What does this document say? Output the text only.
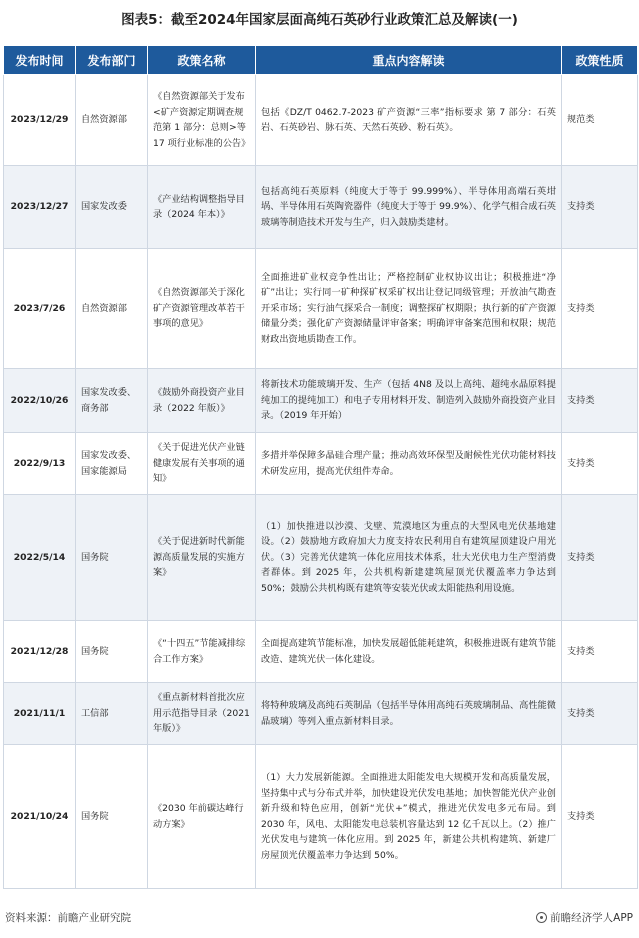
图表5：截至2024年国家层面高纯石英砂行业政策汇总及解读(一)
发布时间	发布部门	政策名称	重点内容解读	政策性质
2023/12/29	自然资源部	《自然资源部关于发布<矿产资源定期调查规范第 1 部分：总则>等 17 项行业标准的公告》	包括《DZ/T 0462.7-2023 矿产资源“三率”指标要求 第 7 部分：石英岩、石英砂岩、脉石英、天然石英砂、粉石英》。	规范类
2023/12/27	国家发改委	《产业结构调整指导目录（2024 年本）》	包括高纯石英原料（纯度大于等于 99.999%）、半导体用高端石英坩埚、半导体用石英陶瓷器件（纯度大于等于 99.9%）、化学气相合成石英玻璃等制造技术开发与生产，归入鼓励类建材。	支持类
2023/7/26	自然资源部	《自然资源部关于深化矿产资源管理改革若干事项的意见》	全面推进矿业权竞争性出让；严格控制矿业权协议出让；积极推进“净矿”出让；实行同一矿种探矿权采矿权出让登记同级管理；开放油气勘查开采市场；实行油气探采合一制度；调整探矿权期限；执行新的矿产资源储量分类；强化矿产资源储量评审备案；明确评审备案范围和权限；规范财政出资地质勘查工作。	支持类
2022/10/26	国家发改委、商务部	《鼓励外商投资产业目录（2022 年版）》	将新技术功能玻璃开发、生产（包括 4N8 及以上高纯、超纯水晶原料提纯加工的提纯加工）和电子专用材料开发、制造列入鼓励外商投资产业目录。（2019 年开始）	支持类
2022/9/13	国家发改委、国家能源局	《关于促进光伏产业链健康发展有关事项的通知》	多措并举保障多晶硅合理产量；推动高效环保型及耐候性光伏功能材料技术研发应用，提高光伏组件寿命。	支持类
2022/5/14	国务院	《关于促进新时代新能源高质量发展的实施方案》	（1）加快推进以沙漠、戈壁、荒漠地区为重点的大型风电光伏基地建设。（2）鼓励地方政府加大力度支持农民利用自有建筑屋顶建设户用光伏。（3）完善光伏建筑一体化应用技术体系，壮大光伏电力生产型消费者群体。到 2025 年，公共机构新建建筑屋顶光伏覆盖率力争达到 50%；鼓励公共机构既有建筑等安装光伏或太阳能热利用设施。	支持类
2021/12/28	国务院	《“十四五”节能减排综合工作方案》	全面提高建筑节能标准，加快发展超低能耗建筑，积极推进既有建筑节能改造、建筑光伏一体化建设。	支持类
2021/11/1	工信部	《重点新材料首批次应用示范指导目录（2021 年版）》	将特种玻璃及高纯石英制品（包括半导体用高纯石英玻璃制品、高性能微晶玻璃）等列入重点新材料目录。	支持类
2021/10/24	国务院	《2030 年前碳达峰行动方案》	（1）大力发展新能源。全面推进太阳能发电大规模开发和高质量发展，坚持集中式与分布式并举，加快建设光伏发电基地；加快智能光伏产业创新升级和特色应用，创新“光伏+”模式，推进光伏发电多元布局。到 2030 年，风电、太阳能发电总装机容量达到 12 亿千瓦以上。（2）推广光伏发电与建筑一体化应用。到 2025 年，新建公共机构建筑、新建厂房屋顶光伏覆盖率力争达到 50%。	支持类
资料来源：前瞻产业研究院	前瞻经济学人APP
